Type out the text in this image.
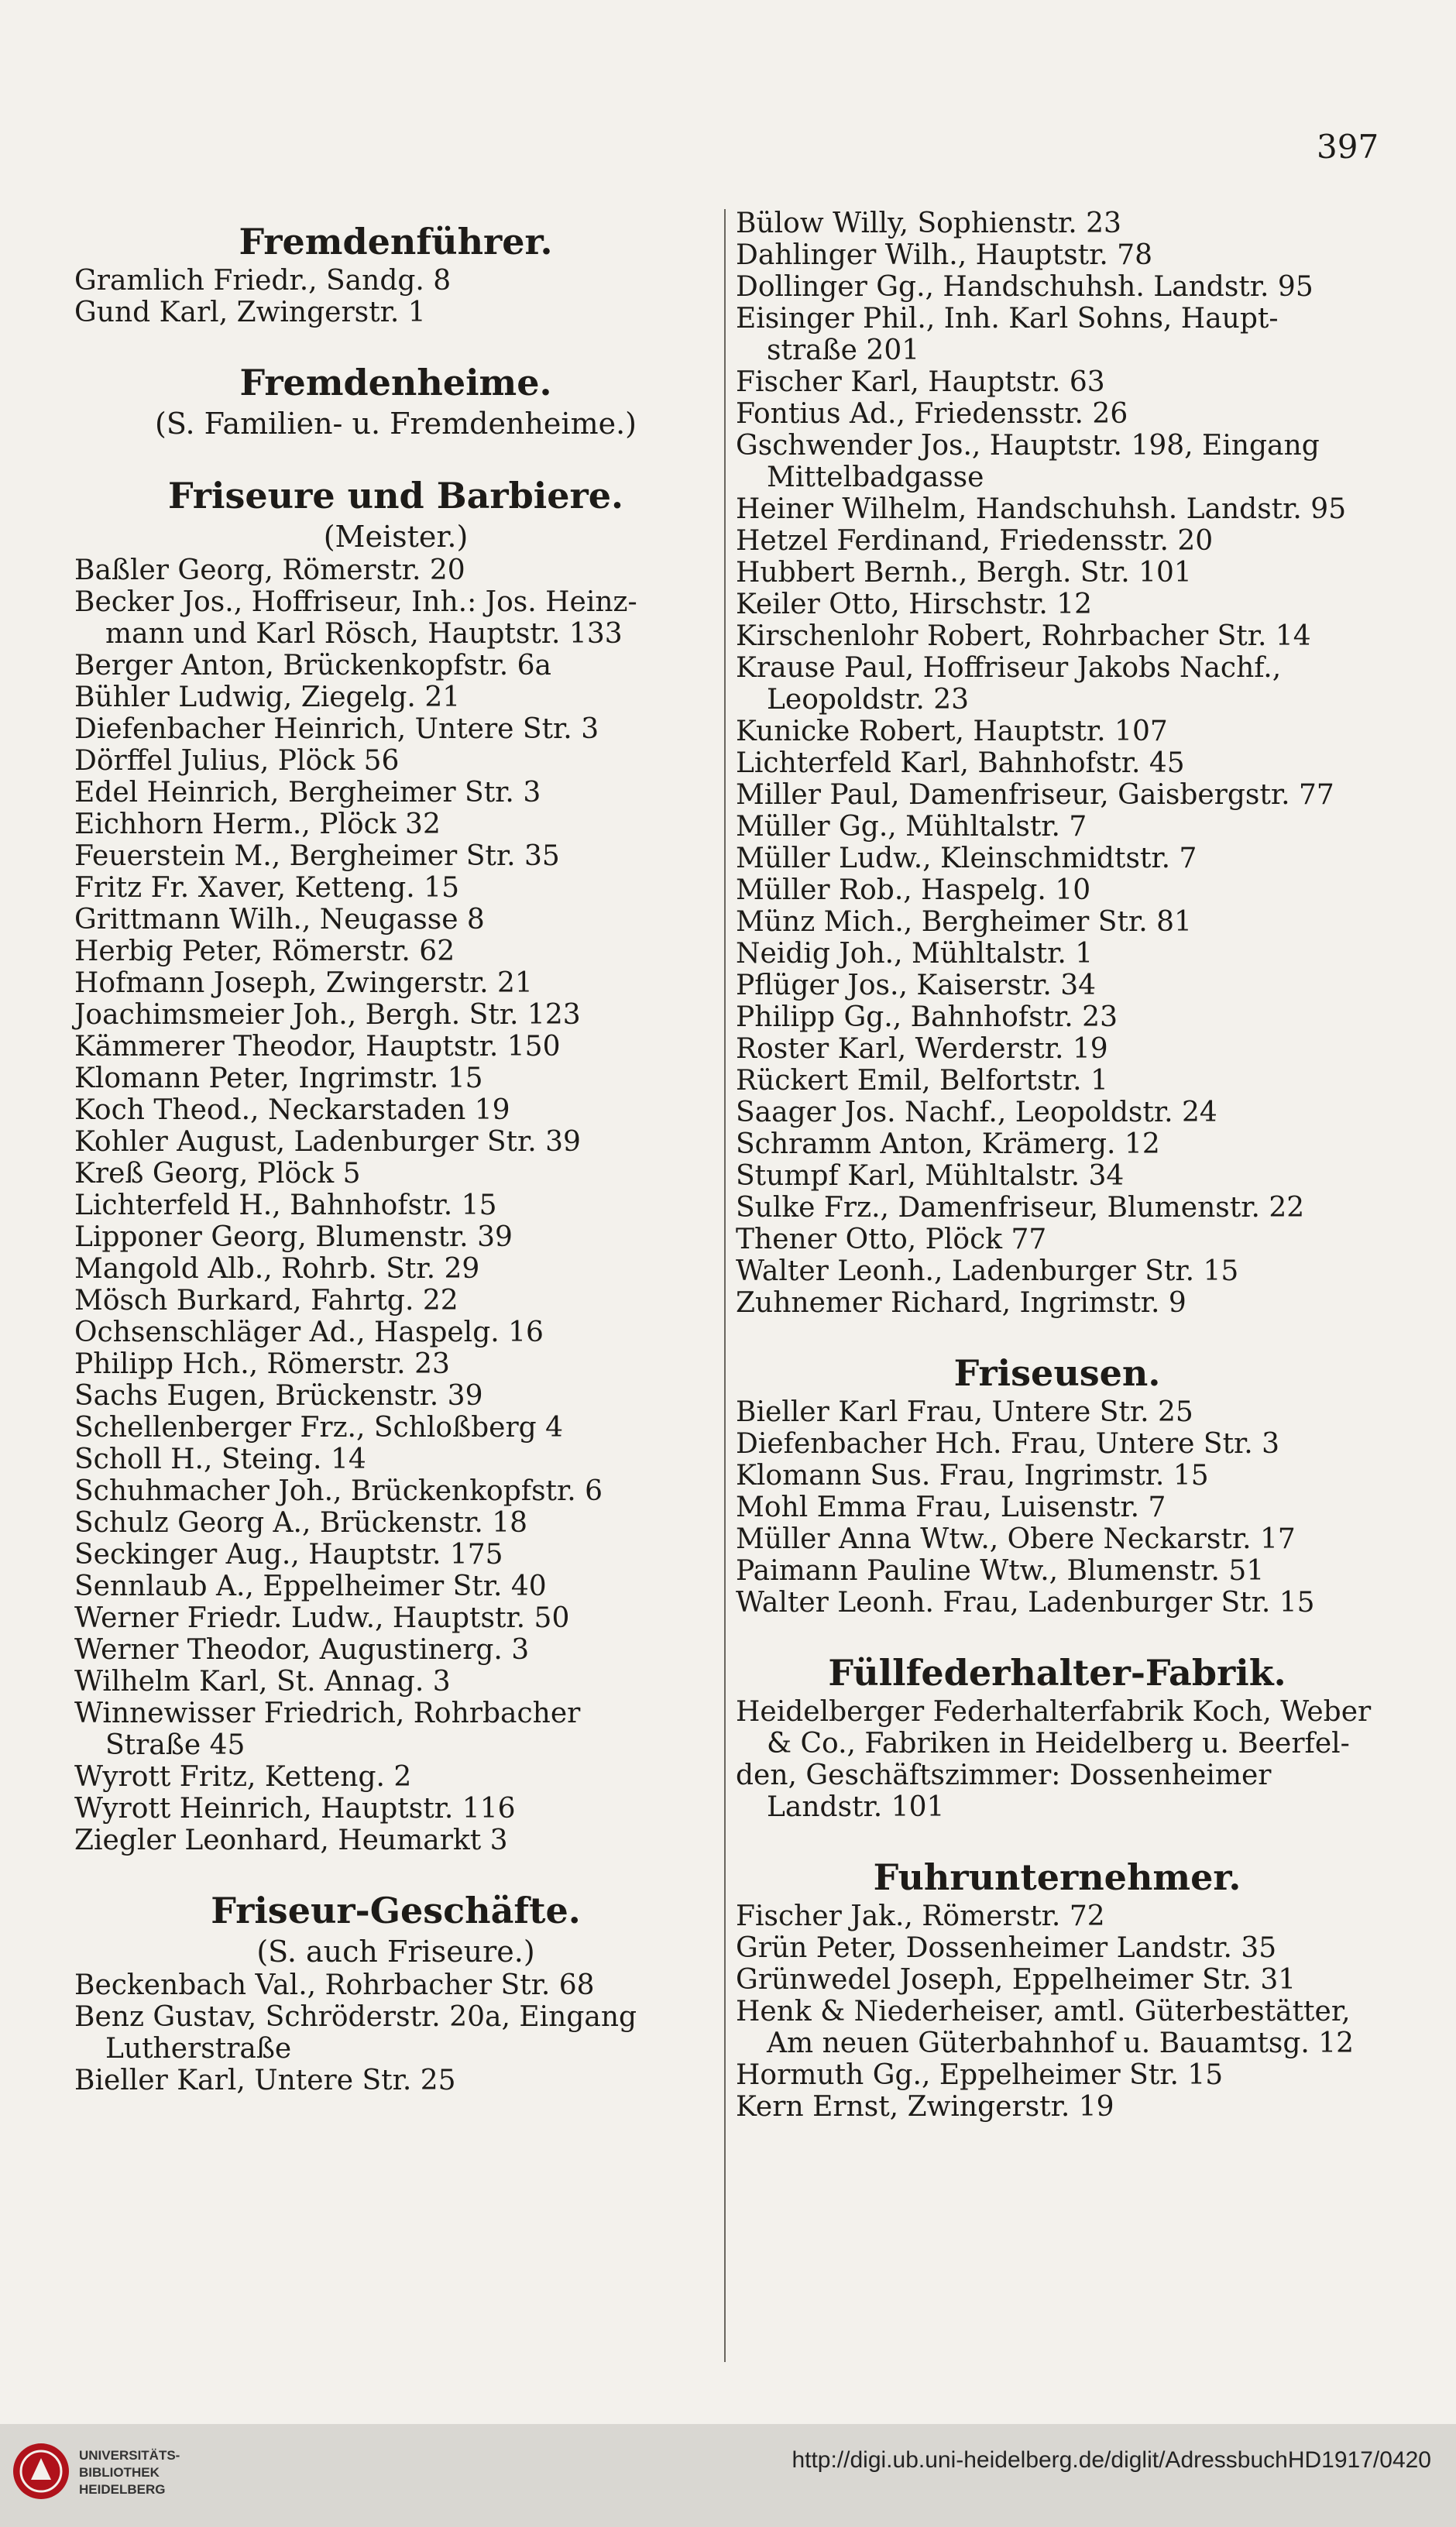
397
Fremdenführer.
Gramlich Friedr., Sandg. 8
Gund Karl, Zwingerstr. 1
Fremdenheime.
(S. Familien- u. Fremdenheime.)
Friseure und Barbiere.
(Meister.)
Baßler Georg, Römerstr. 20
Becker Jos., Hoffriseur, Inh.: Jos. Heinz-
mann und Karl Rösch, Hauptstr. 133
Berger Anton, Brückenkopfstr. 6a
Bühler Ludwig, Ziegelg. 21
Diefenbacher Heinrich, Untere Str. 3
Dörffel Julius, Plöck 56
Edel Heinrich, Bergheimer Str. 3
Eichhorn Herm., Plöck 32
Feuerstein M., Bergheimer Str. 35
Fritz Fr. Xaver, Ketteng. 15
Grittmann Wilh., Neugasse 8
Herbig Peter, Römerstr. 62
Hofmann Joseph, Zwingerstr. 21
Joachimsmeier Joh., Bergh. Str. 123
Kämmerer Theodor, Hauptstr. 150
Klomann Peter, Ingrimstr. 15
Koch Theod., Neckarstaden 19
Kohler August, Ladenburger Str. 39
Kreß Georg, Plöck 5
Lichterfeld H., Bahnhofstr. 15
Lipponer Georg, Blumenstr. 39
Mangold Alb., Rohrb. Str. 29
Mösch Burkard, Fahrtg. 22
Ochsenschläger Ad., Haspelg. 16
Philipp Hch., Römerstr. 23
Sachs Eugen, Brückenstr. 39
Schellenberger Frz., Schloßberg 4
Scholl H., Steing. 14
Schuhmacher Joh., Brückenkopfstr. 6
Schulz Georg A., Brückenstr. 18
Seckinger Aug., Hauptstr. 175
Sennlaub A., Eppelheimer Str. 40
Werner Friedr. Ludw., Hauptstr. 50
Werner Theodor, Augustinerg. 3
Wilhelm Karl, St. Annag. 3
Winnewisser Friedrich, Rohrbacher
Straße 45
Wyrott Fritz, Ketteng. 2
Wyrott Heinrich, Hauptstr. 116
Ziegler Leonhard, Heumarkt 3
Friseur-Geschäfte.
(S. auch Friseure.)
Beckenbach Val., Rohrbacher Str. 68
Benz Gustav, Schröderstr. 20a, Eingang
Lutherstraße
Bieller Karl, Untere Str. 25
Bülow Willy, Sophienstr. 23
Dahlinger Wilh., Hauptstr. 78
Dollinger Gg., Handschuhsh. Landstr. 95
Eisinger Phil., Inh. Karl Sohns, Haupt-
straße 201
Fischer Karl, Hauptstr. 63
Fontius Ad., Friedensstr. 26
Gschwender Jos., Hauptstr. 198, Eingang
Mittelbadgasse
Heiner Wilhelm, Handschuhsh. Landstr. 95
Hetzel Ferdinand, Friedensstr. 20
Hubbert Bernh., Bergh. Str. 101
Keiler Otto, Hirschstr. 12
Kirschenlohr Robert, Rohrbacher Str. 14
Krause Paul, Hoffriseur Jakobs Nachf.,
Leopoldstr. 23
Kunicke Robert, Hauptstr. 107
Lichterfeld Karl, Bahnhofstr. 45
Miller Paul, Damenfriseur, Gaisbergstr. 77
Müller Gg., Mühltalstr. 7
Müller Ludw., Kleinschmidtstr. 7
Müller Rob., Haspelg. 10
Münz Mich., Bergheimer Str. 81
Neidig Joh., Mühltalstr. 1
Pflüger Jos., Kaiserstr. 34
Philipp Gg., Bahnhofstr. 23
Roster Karl, Werderstr. 19
Rückert Emil, Belfortstr. 1
Saager Jos. Nachf., Leopoldstr. 24
Schramm Anton, Krämerg. 12
Stumpf Karl, Mühltalstr. 34
Sulke Frz., Damenfriseur, Blumenstr. 22
Thener Otto, Plöck 77
Walter Leonh., Ladenburger Str. 15
Zuhnemer Richard, Ingrimstr. 9
Friseusen.
Bieller Karl Frau, Untere Str. 25
Diefenbacher Hch. Frau, Untere Str. 3
Klomann Sus. Frau, Ingrimstr. 15
Mohl Emma Frau, Luisenstr. 7
Müller Anna Wtw., Obere Neckarstr. 17
Paimann Pauline Wtw., Blumenstr. 51
Walter Leonh. Frau, Ladenburger Str. 15
Füllfederhalter-Fabrik.
Heidelberger Federhalterfabrik Koch, Weber
& Co., Fabriken in Heidelberg u. Beerfel-
den, Geschäftszimmer: Dossenheimer
Landstr. 101
Fuhrunternehmer.
Fischer Jak., Römerstr. 72
Grün Peter, Dossenheimer Landstr. 35
Grünwedel Joseph, Eppelheimer Str. 31
Henk & Niederheiser, amtl. Güterbestätter,
Am neuen Güterbahnhof u. Bauamtsg. 12
Hormuth Gg., Eppelheimer Str. 15
Kern Ernst, Zwingerstr. 19
UNIVERSITÄTS-
BIBLIOTHEK
HEIDELBERG
http://digi.ub.uni-heidelberg.de/diglit/AdressbuchHD1917/0420
